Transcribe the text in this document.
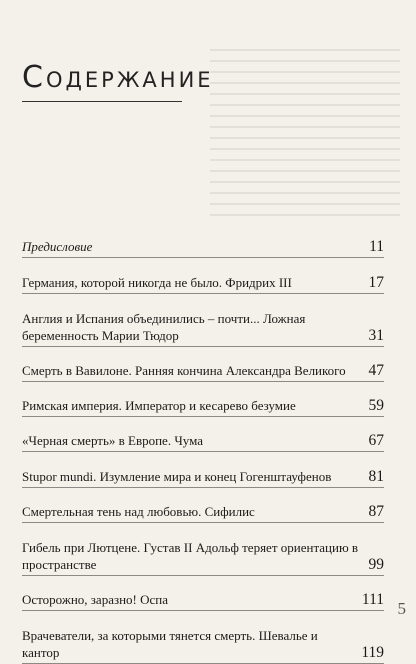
Содержание
Предисловие	11
Германия, которой никогда не было. Фридрих III	17
Англия и Испания объединились – почти... Ложная беременность Марии Тюдор	31
Смерть в Вавилоне. Ранняя кончина Александра Великого	47
Римская империя. Император и кесарево безумие	59
«Черная смерть» в Европе. Чума	67
Stupor mundi. Изумление мира и конец Гогенштауфенов	81
Смертельная тень над любовью. Сифилис	87
Гибель при Лютцене. Густав II Адольф теряет ориентацию в пространстве	99
Осторожно, заразно! Оспа	111
Врачеватели, за которыми тянется смерть. Шевалье и кантор	119
5
